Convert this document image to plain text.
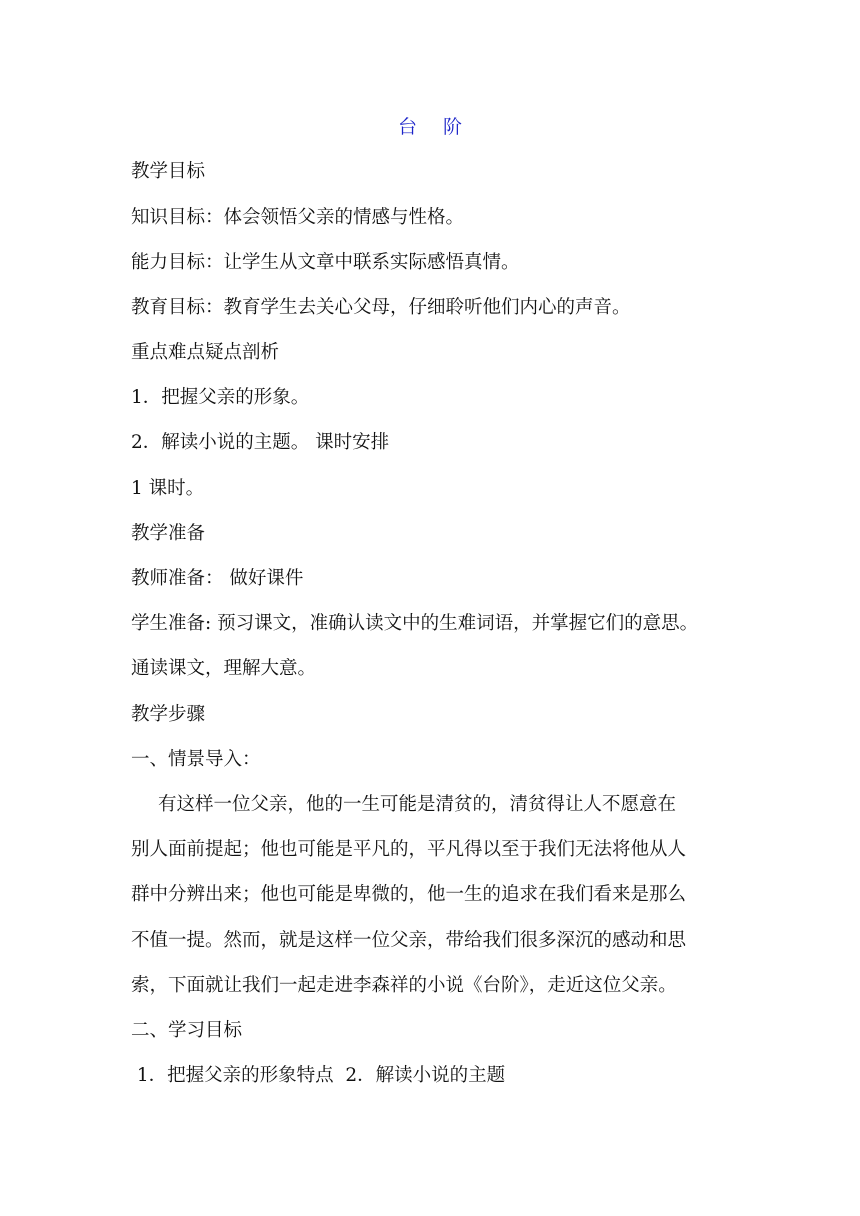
台 阶
教学目标
知识目标：体会领悟父亲的情感与性格。
能力目标：让学生从文章中联系实际感悟真情。
教育目标：教育学生去关心父母，仔细聆听他们内心的声音。
重点难点疑点剖析
1．把握父亲的形象。
2．解读小说的主题。 课时安排
1 课时。
教学准备
教师准备： 做好课件
学生准备: 预习课文，准确认读文中的生难词语，并掌握它们的意思。
通读课文，理解大意。
教学步骤
一、情景导入：
有这样一位父亲，他的一生可能是清贫的，清贫得让人不愿意在
别人面前提起；他也可能是平凡的，平凡得以至于我们无法将他从人
群中分辨出来；他也可能是卑微的，他一生的追求在我们看来是那么
不值一提。然而，就是这样一位父亲，带给我们很多深沉的感动和思
索，下面就让我们一起走进李森祥的小说《台阶》，走近这位父亲。
二、学习目标
1．把握父亲的形象特点  2．解读小说的主题
